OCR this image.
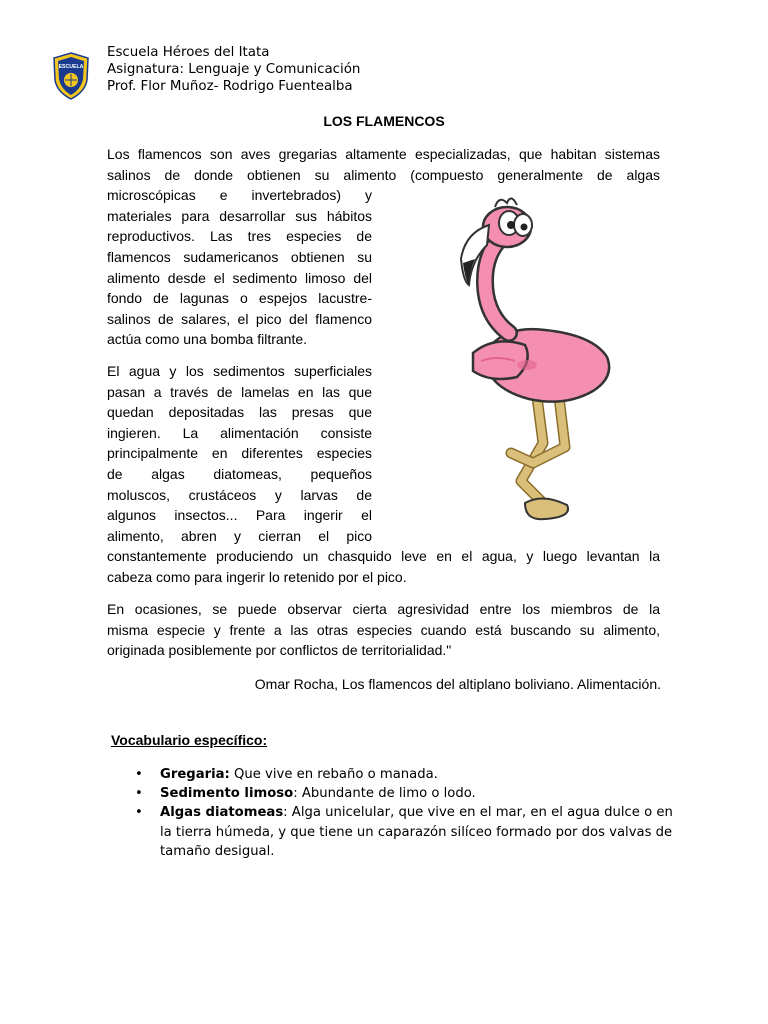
ESCUELA
Escuela Héroes del Itata
Asignatura: Lenguaje y Comunicación
Prof. Flor Muñoz- Rodrigo Fuentealba
LOS FLAMENCOS
Los flamencos son aves gregarias altamente especializadas, que habitan sistemas
salinos de donde obtienen su alimento (compuesto generalmente de algas
microscópicas e invertebrados) y
materiales para desarrollar sus hábitos
reproductivos. Las tres especies de
flamencos sudamericanos obtienen su
alimento desde el sedimento limoso del
fondo de lagunas o espejos lacustre-
salinos de salares, el pico del flamenco
actúa como una bomba filtrante.
El agua y los sedimentos superficiales
pasan a través de lamelas en las que
quedan depositadas las presas que
ingieren. La alimentación consiste
principalmente en diferentes especies
de algas diatomeas, pequeños
moluscos, crustáceos y larvas de
algunos insectos... Para ingerir el
alimento, abren y cierran el pico
constantemente produciendo un chasquido leve en el agua, y luego levantan la
cabeza como para ingerir lo retenido por el pico.
En ocasiones, se puede observar cierta agresividad entre los miembros de la
misma especie y frente a las otras especies cuando está buscando su alimento,
originada posiblemente por conflictos de territorialidad."
Omar Rocha, Los flamencos del altiplano boliviano. Alimentación.
Vocabulario específico:
• Gregaria: Que vive en rebaño o manada.
• Sedimento limoso: Abundante de limo o lodo.
• Algas diatomeas: Alga unicelular, que vive en el mar, en el agua dulce o en la tierra húmeda, y que tiene un caparazón silíceo formado por dos valvas de tamaño desigual.
